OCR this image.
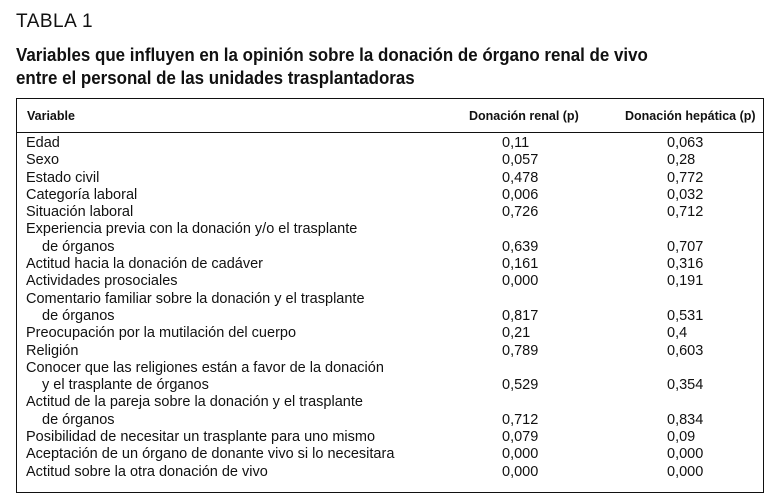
TABLA 1
Variables que influyen en la opinión sobre la donación de órgano renal de vivo
entre el personal de las unidades trasplantadoras
Variable	Donación renal (p)	Donación hepática (p)
Edad	0,11	0,063
Sexo	0,057	0,28
Estado civil	0,478	0,772
Categoría laboral	0,006	0,032
Situación laboral	0,726	0,712
Experiencia previa con la donación y/o el trasplante
de órganos	0,639	0,707
Actitud hacia la donación de cadáver	0,161	0,316
Actividades prosociales	0,000	0,191
Comentario familiar sobre la donación y el trasplante
de órganos	0,817	0,531
Preocupación por la mutilación del cuerpo	0,21	0,4
Religión	0,789	0,603
Conocer que las religiones están a favor de la donación
y el trasplante de órganos	0,529	0,354
Actitud de la pareja sobre la donación y el trasplante
de órganos	0,712	0,834
Posibilidad de necesitar un trasplante para uno mismo	0,079	0,09
Aceptación de un órgano de donante vivo si lo necesitara	0,000	0,000
Actitud sobre la otra donación de vivo	0,000	0,000
